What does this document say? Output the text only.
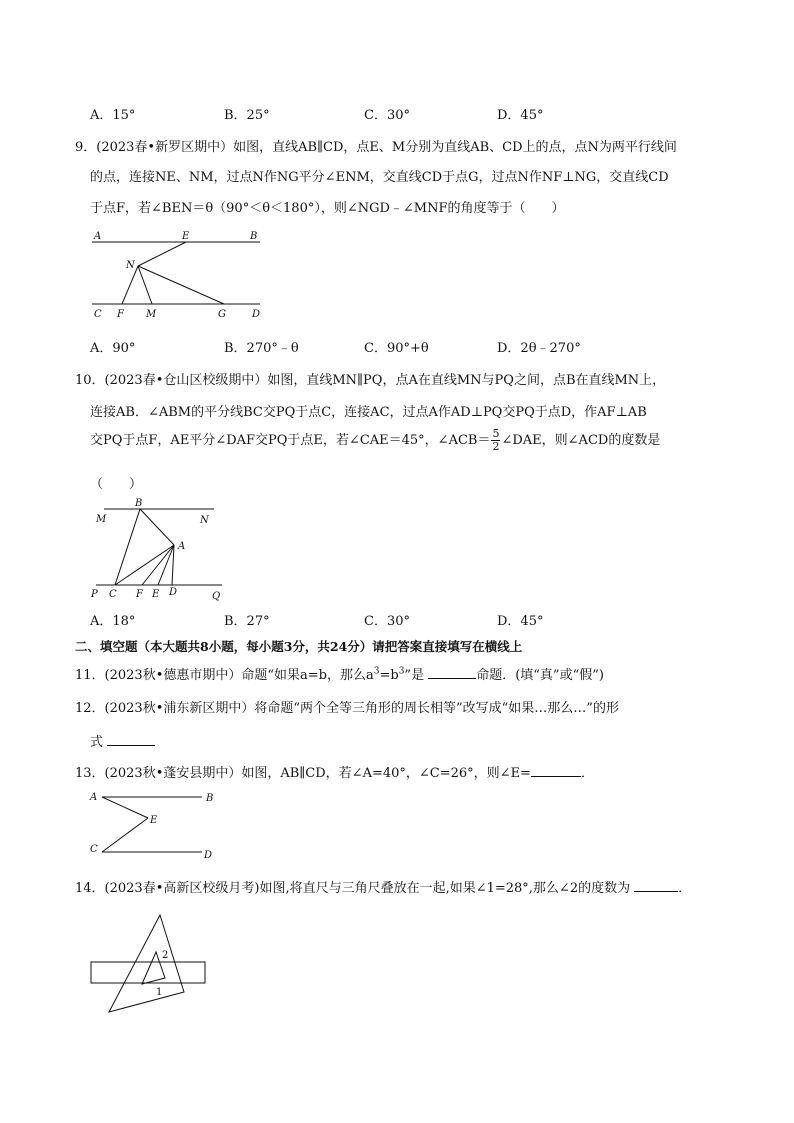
A．15°	B．25°	C．30°	D．45°
9．(2023春•新罗区期中）如图，直线AB∥CD，点E、M分别为直线AB、CD上的点，点N为两平行线间
的点，连接NE、NM，过点N作NG平分∠ENM，交直线CD于点G，过点N作NF⊥NG，交直线CD
于点F，若∠BEN＝θ（90°＜θ＜180°），则∠NGD﹣∠MNF的角度等于（　　）
A	E	B
N
C F M	G	D
A．90°	B．270°﹣θ	C．90°+θ	D．2θ﹣270°
10．(2023春•仓山区校级期中）如图，直线MN∥PQ，点A在直线MN与PQ之间，点B在直线MN上，
连接AB．∠ABM的平分线BC交PQ于点C，连接AC，过点A作AD⊥PQ交PQ于点D，作AF⊥AB
交PQ于点F，AE平分∠DAF交PQ于点E，若∠CAE＝45°，∠ACB＝ $\frac{5}{2}$ ∠DAE，则∠ACD的度数是
（　　）
B
M	N
A
P C F E D	Q
A．18°	B．27°	C．30°	D．45°
二、填空题（本大题共8小题，每小题3分，共24分）请把答案直接填写在横线上
11．(2023秋•德惠市期中）命题“如果a=b，那么$a^3=b^3$”是	命题．(填“真”或“假”)
12．(2023秋•浦东新区期中）将命题“两个全等三角形的周长相等”改写成“如果…那么…”的形
式
13．(2023秋•蓬安县期中）如图，AB∥CD，若∠A=40°，∠C=26°，则∠E=	．
A	B
E
C
D
14．(2023春•高新区校级月考)如图,将直尺与三角尺叠放在一起,如果∠1=28°,那么∠2的度数为	．
2
1
